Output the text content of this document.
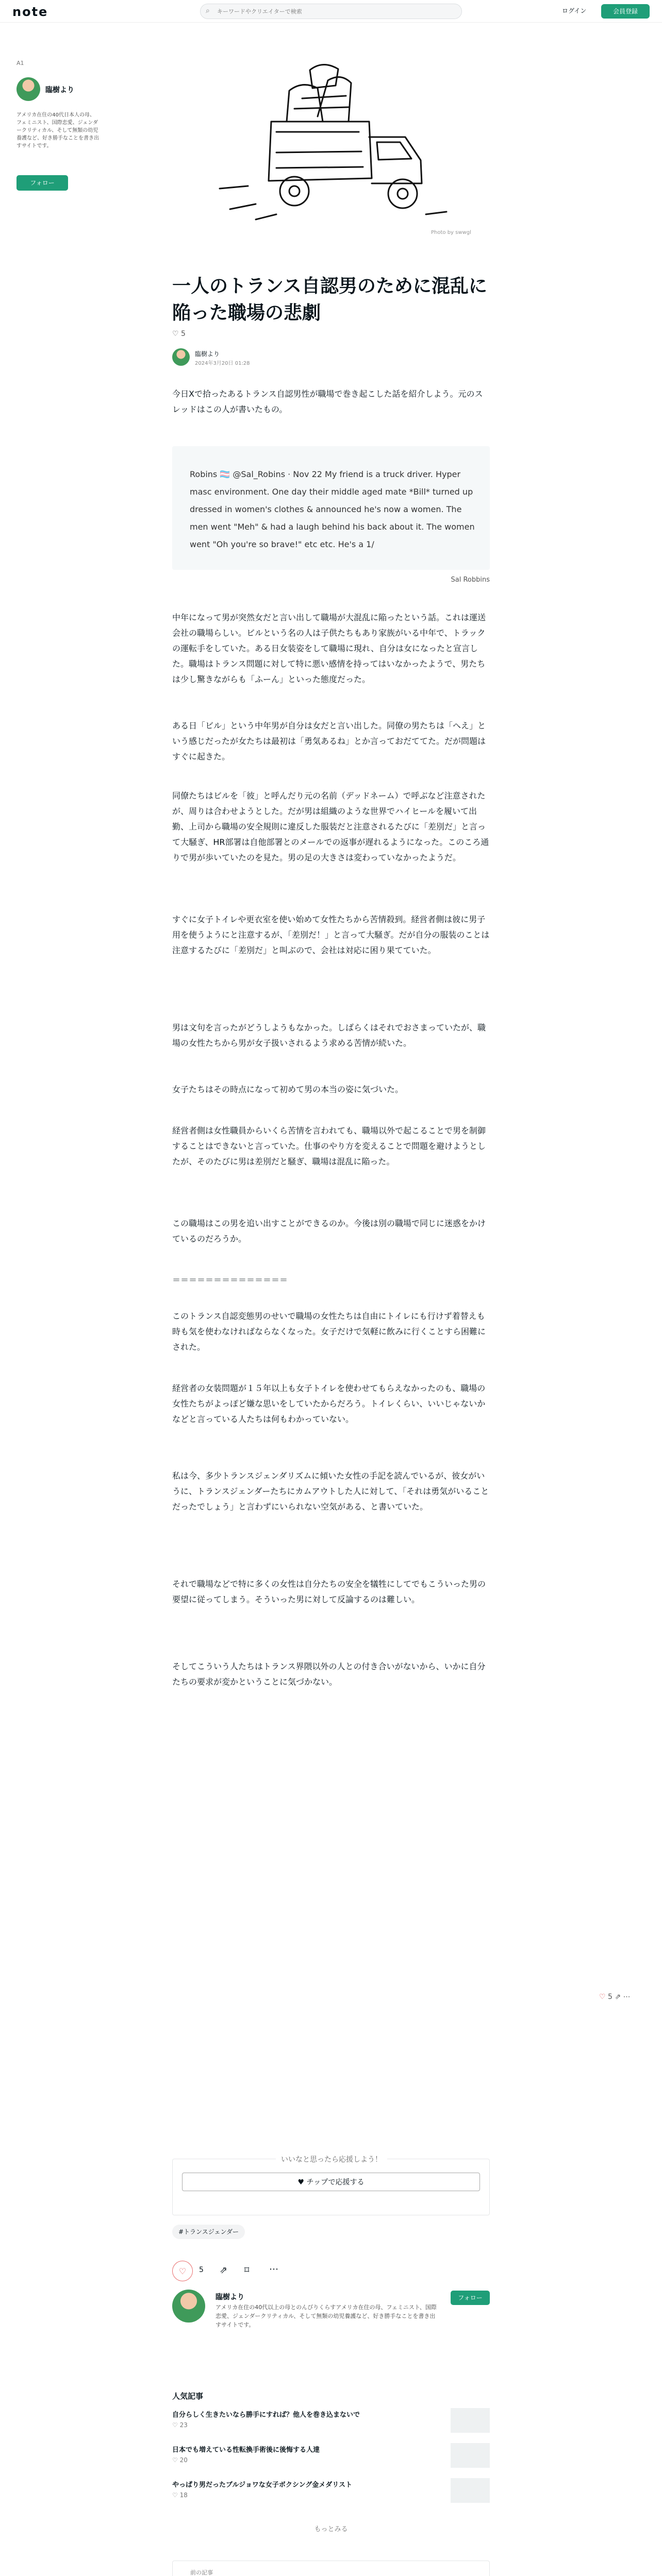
note	⌕
キーワードやクリエイターで検索	ログイン	会員登録
A1
臨樹より
アメリカ在住の40代日本人の母、フェミニスト、国際恋愛、ジェンダークリティカル、そして無類の幼児養護など、好き勝手なことを書き出すサイトです。
フォロー
Photo by swwgl
一人のトランス自認男のために混乱に陥った職場の悲劇
♡ 5
臨樹より
2024年3月20日 01:28

今日Xで拾ったあるトランス自認男性が職場で巻き起こした話を紹介しよう。元のスレッドはこの人が書いたもの。

Robins 🏳️‍⚧️ @Sal_Robins · Nov 22 My friend is a truck driver. Hyper masc environment. One day their middle aged mate *Bill* turned up dressed in women's clothes & announced he's now a women. The men went "Meh" & had a laugh behind his back about it. The women went "Oh you're so brave!" etc etc. He's a 1/

Sal Robbins

中年になって男が突然女だと言い出して職場が大混乱に陥ったという話。これは運送会社の職場らしい。ビルという名の人は子供たちもあり家族がいる中年で、トラックの運転手をしていた。ある日女装姿をして職場に現れ、自分は女になったと宣言した。職場はトランス問題に対して特に悪い感情を持ってはいなかったようで、男たちは少し驚きながらも「ふーん」といった態度だった。

ある日「ビル」という中年男が自分は女だと言い出した。同僚の男たちは「へえ」という感じだったが女たちは最初は「勇気あるね」とか言っておだててた。だが問題はすぐに起きた。

同僚たちはビルを「彼」と呼んだり元の名前（デッドネーム）で呼ぶなど注意されたが、周りは合わせようとした。だが男は組織のような世界でハイヒールを履いて出勤、上司から職場の安全規則に違反した服装だと注意されるたびに「差別だ」と言って大騒ぎ、HR部署は自他部署とのメールでの返事が遅れるようになった。このころ通りで男が歩いていたのを見た。男の足の大きさは変わっていなかったようだ。

すぐに女子トイレや更衣室を使い始めて女性たちから苦情殺到。経営者側は彼に男子用を使うようにと注意するが、「差別だ！」と言って大騒ぎ。だが自分の服装のことは注意するたびに「差別だ」と叫ぶので、会社は対応に困り果てていた。

男は文句を言ったがどうしようもなかった。しばらくはそれでおさまっていたが、職場の女性たちから男が女子扱いされるよう求める苦情が続いた。

女子たちはその時点になって初めて男の本当の姿に気づいた。

経営者側は女性職員からいくら苦情を言われても、職場以外で起こることで男を制御することはできないと言っていた。仕事のやり方を変えることで問題を避けようとしたが、そのたびに男は差別だと騒ぎ、職場は混乱に陥った。

この職場はこの男を追い出すことができるのか。今後は別の職場で同じに迷惑をかけているのだろうか。

＝＝＝＝＝＝＝＝＝＝＝＝＝＝

このトランス自認変態男のせいで職場の女性たちは自由にトイレにも行けず着替えも時も気を使わなければならなくなった。女子だけで気軽に飲みに行くことすら困難にされた。

経営者の女装問題が１５年以上も女子トイレを使わせてもらえなかったのも、職場の女性たちがよっぽど嫌な思いをしていたからだろう。トイレくらい、いいじゃないかなどと言っている人たちは何もわかっていない。

私は今、多少トランスジェンダリズムに傾いた女性の手記を読んでいるが、彼女がいうに、トランスジェンダーたちにカムアウトした人に対して、「それは勇気がいることだったでしょう」と言わずにいられない空気がある、と書いていた。

それで職場などで特に多くの女性は自分たちの安全を犠牲にしてでもこういった男の要望に従ってしまう。そういった男に対して反論するのは難しい。

そしてこういう人たちはトランス界隈以外の人との付き合いがないから、いかに自分たちの要求が変かということに気づかない。

♡ 5 ⇗ ⋯
いいなと思ったら応援しよう！
♥ チップで応援する
#トランスジェンダー
♡	5 ⇗ ⌑ ⋯
臨樹より
アメリカ在住の40代以上の母とのんびりくらすアメリカ在住の母、フェミニスト、国際恋愛、ジェンダークリティカル、そして無類の幼児養護など、好き勝手なことを書き出すサイトです。
フォロー
人気記事
自分らしく生きたいなら勝手にすれば？他人を巻き込まないで
♡ 23
日本でも増えている性転換手術後に後悔する人達
♡ 20
やっぱり男だったブルジョワな女子ボクシング金メダリスト
♡ 18
もっとみる
前の記事
